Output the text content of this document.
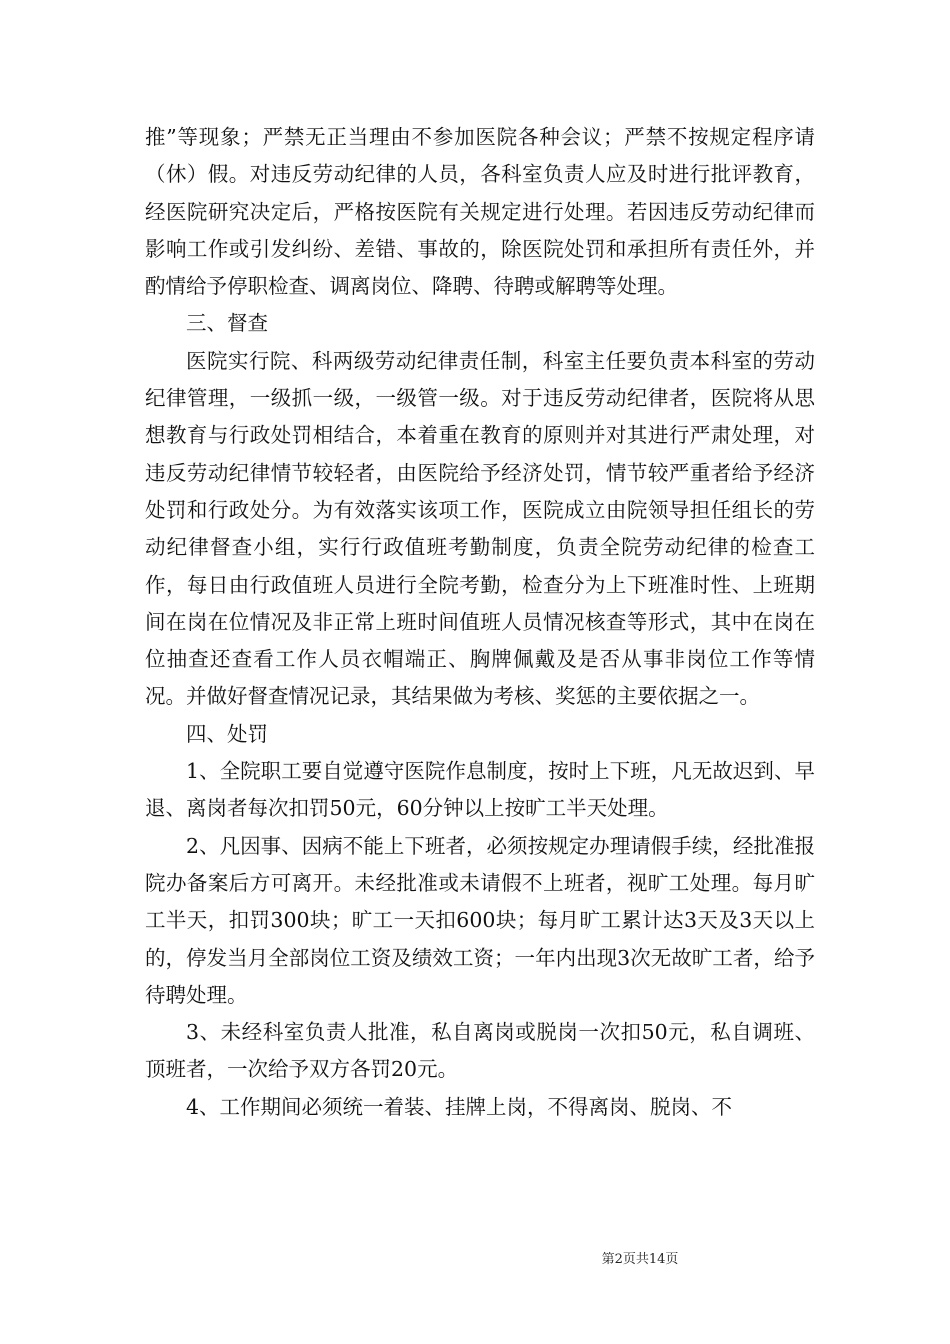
推”等现象；严禁无正当理由不参加医院各种会议；严禁不按规定程序请（休）假。对违反劳动纪律的人员，各科室负责人应及时进行批评教育，经医院研究决定后，严格按医院有关规定进行处理。若因违反劳动纪律而影响工作或引发纠纷、差错、事故的，除医院处罚和承担所有责任外，并酌情给予停职检查、调离岗位、降聘、待聘或解聘等处理。

三、督查

医院实行院、科两级劳动纪律责任制，科室主任要负责本科室的劳动纪律管理，一级抓一级，一级管一级。对于违反劳动纪律者，医院将从思想教育与行政处罚相结合，本着重在教育的原则并对其进行严肃处理，对违反劳动纪律情节较轻者，由医院给予经济处罚，情节较严重者给予经济处罚和行政处分。为有效落实该项工作，医院成立由院领导担任组长的劳动纪律督查小组，实行行政值班考勤制度，负责全院劳动纪律的检查工作，每日由行政值班人员进行全院考勤，检查分为上下班准时性、上班期间在岗在位情况及非正常上班时间值班人员情况核查等形式，其中在岗在位抽查还查看工作人员衣帽端正、胸牌佩戴及是否从事非岗位工作等情况。并做好督查情况记录，其结果做为考核、奖惩的主要依据之一。

四、处罚

1、全院职工要自觉遵守医院作息制度，按时上下班，凡无故迟到、早退、离岗者每次扣罚50元，60分钟以上按旷工半天处理。

2、凡因事、因病不能上下班者，必须按规定办理请假手续，经批准报院办备案后方可离开。未经批准或未请假不上班者，视旷工处理。每月旷工半天，扣罚300块；旷工一天扣600块；每月旷工累计达3天及3天以上的，停发当月全部岗位工资及绩效工资；一年内出现3次无故旷工者，给予待聘处理。

3、未经科室负责人批准，私自离岗或脱岗一次扣50元，私自调班、顶班者，一次给予双方各罚20元。

4、工作期间必须统一着装、挂牌上岗，不得离岗、脱岗、不

第2页共14页
